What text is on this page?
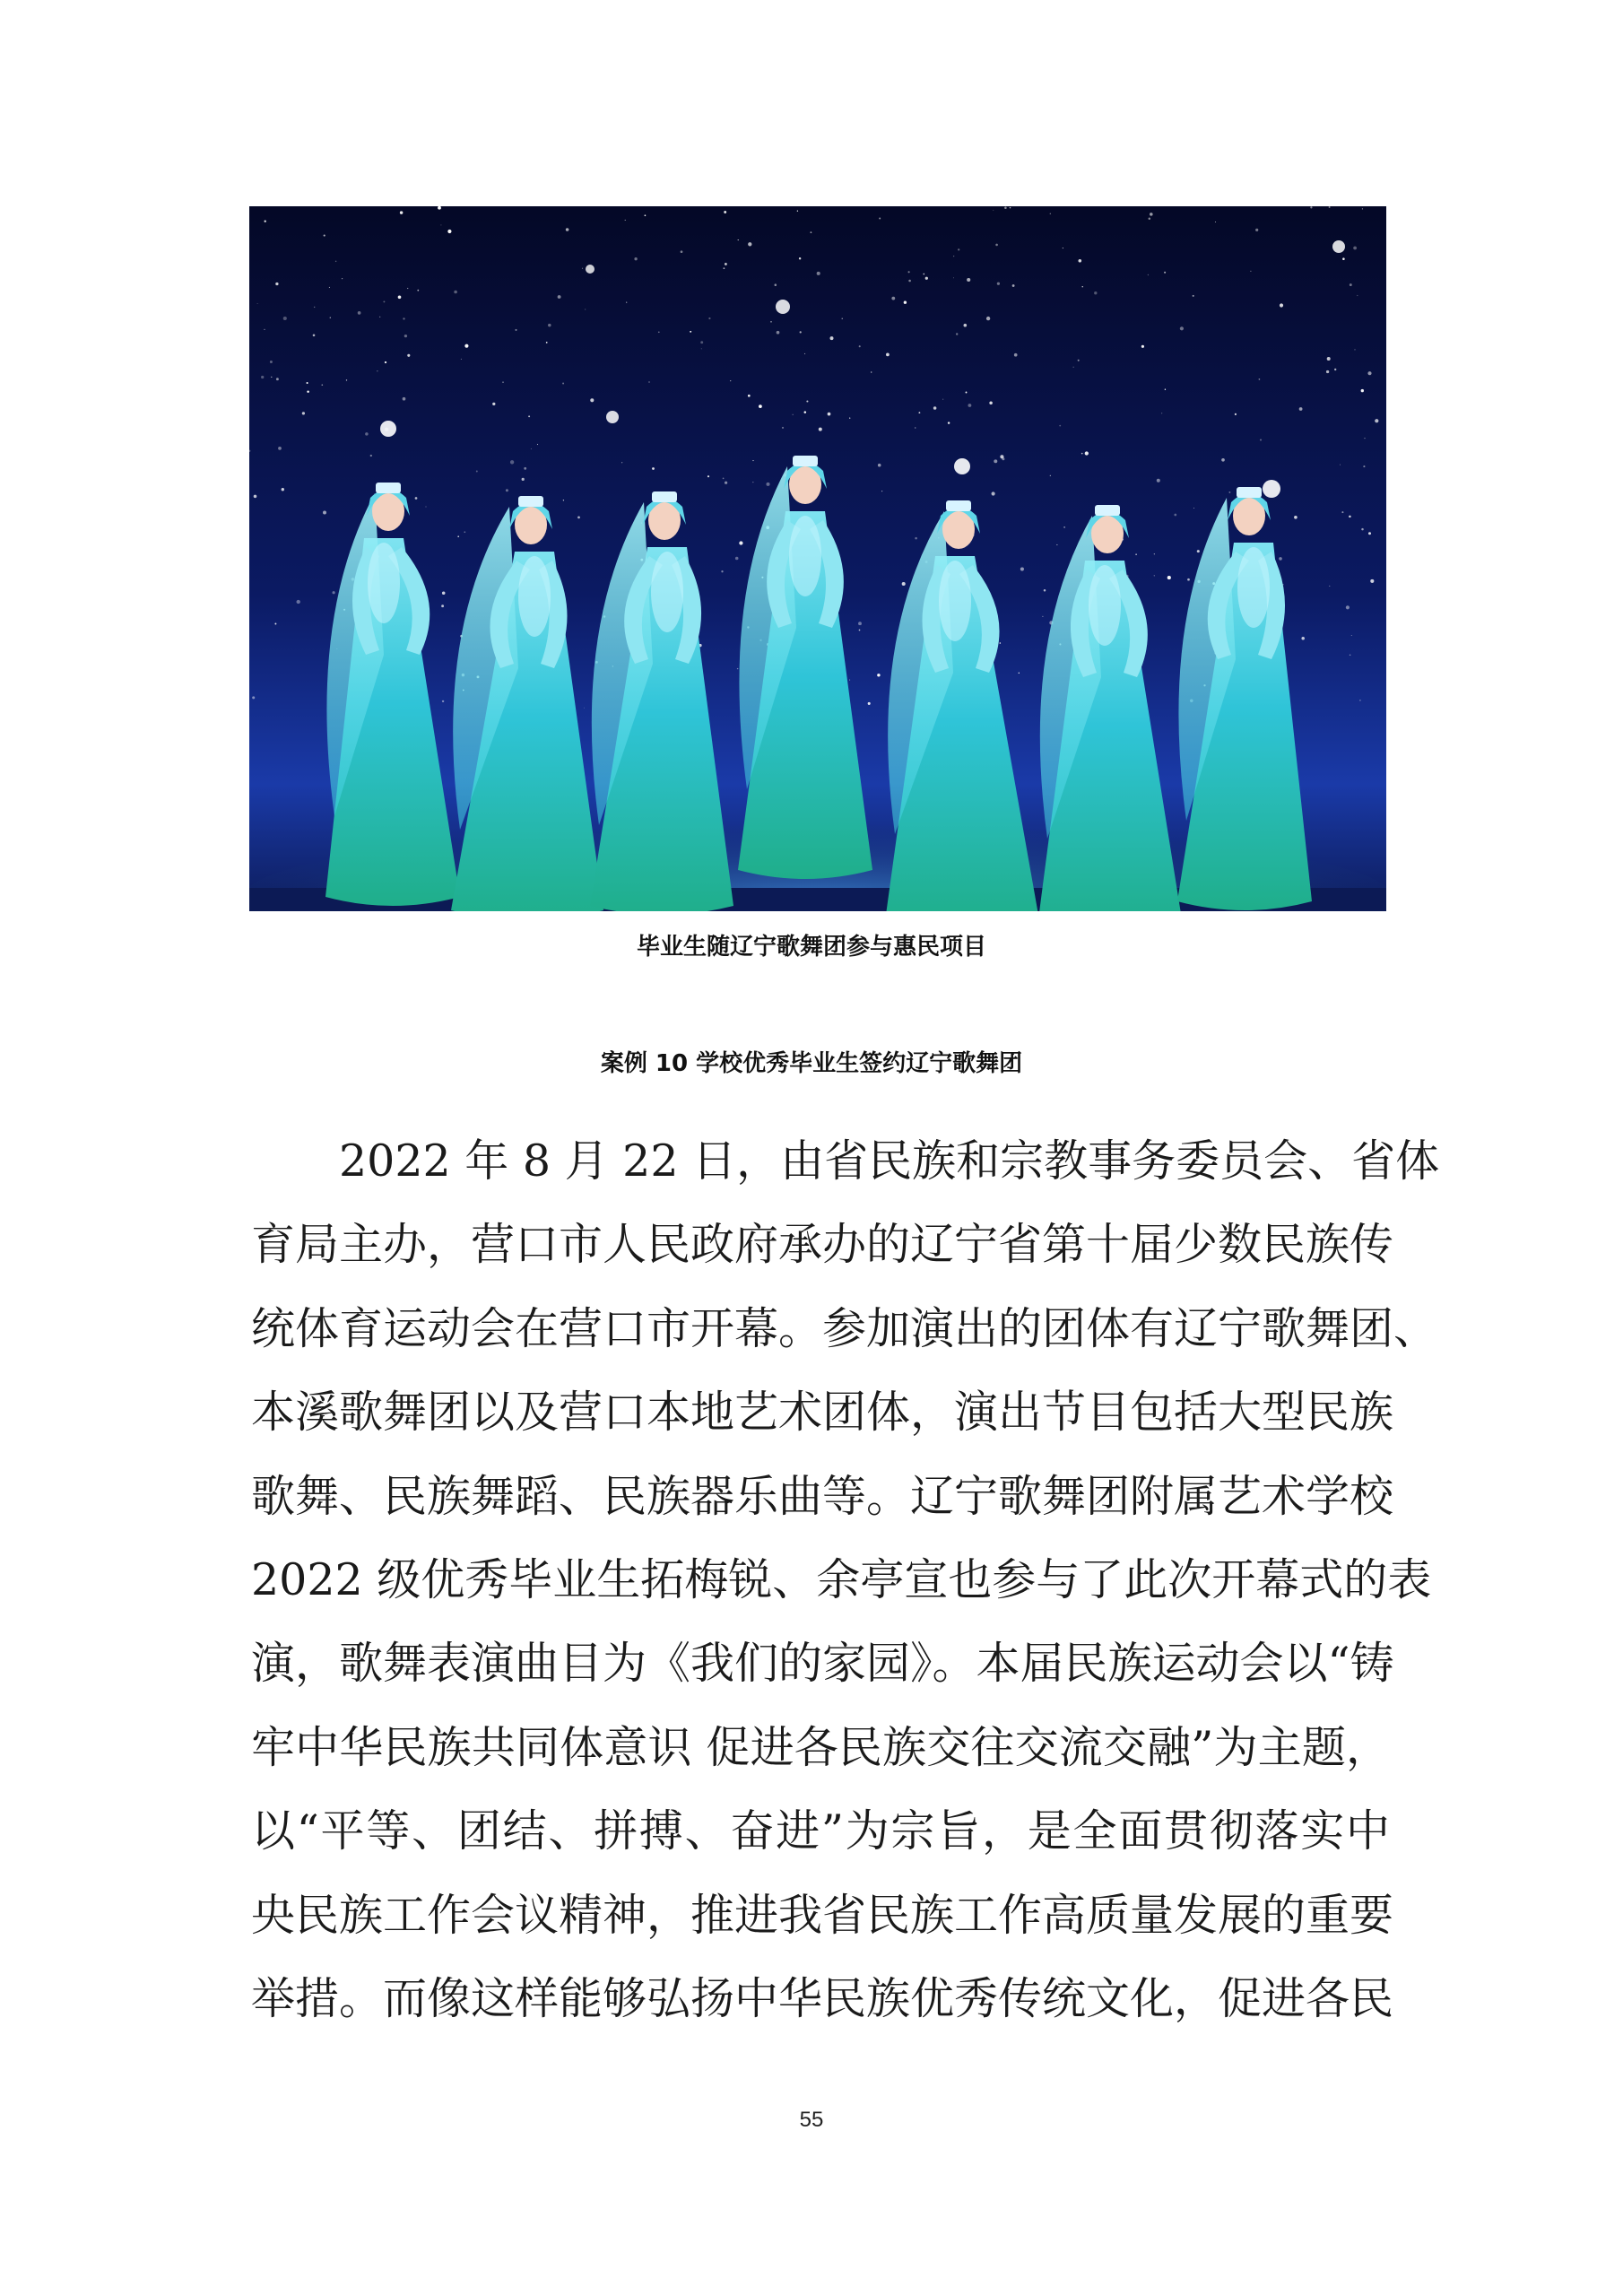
毕业生随辽宁歌舞团参与惠民项目
案例 10 学校优秀毕业生签约辽宁歌舞团
2022 年 8 月 22 日，由省民族和宗教事务委员会、省体
育局主办，营口市人民政府承办的辽宁省第十届少数民族传
统体育运动会在营口市开幕。参加演出的团体有辽宁歌舞团、
本溪歌舞团以及营口本地艺术团体，演出节目包括大型民族
歌舞、民族舞蹈、民族器乐曲等。辽宁歌舞团附属艺术学校
2022 级优秀毕业生拓梅锐、余亭宣也参与了此次开幕式的表
演，歌舞表演曲目为《我们的家园》。本届民族运动会以“铸
牢中华民族共同体意识 促进各民族交往交流交融”为主题，
以“平等、团结、拼搏、奋进”为宗旨，是全面贯彻落实中
央民族工作会议精神，推进我省民族工作高质量发展的重要
举措。而像这样能够弘扬中华民族优秀传统文化，促进各民
55
